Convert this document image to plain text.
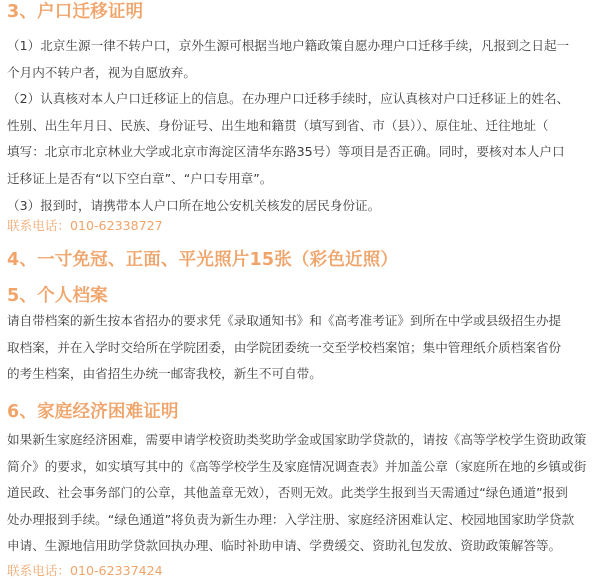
3、户口迁移证明

（1）北京生源一律不转户口，京外生源可根据当地户籍政策自愿办理户口迁移手续，凡报到之日起一

个月内不转户者，视为自愿放弃。

（2）认真核对本人户口迁移证上的信息。在办理户口迁移手续时，应认真核对户口迁移证上的姓名、

性别、出生年月日、民族、身份证号、出生地和籍贯（填写到省、市（县））、原住址、迁往地址（

填写：北京市北京林业大学或北京市海淀区清华东路35号）等项目是否正确。同时，要核对本人户口

迁移证上是否有“以下空白章”、“户口专用章”。

（3）报到时，请携带本人户口所在地公安机关核发的居民身份证。

联系电话：010-62338727
4、一寸免冠、正面、平光照片15张（彩色近照）
5、个人档案

请自带档案的新生按本省招办的要求凭《录取通知书》和《高考准考证》到所在中学或县级招生办提

取档案，并在入学时交给所在学院团委，由学院团委统一交至学校档案馆；集中管理纸介质档案省份

的考生档案，由省招生办统一邮寄我校，新生不可自带。

6、家庭经济困难证明

如果新生家庭经济困难，需要申请学校资助类奖助学金或国家助学贷款的，请按《高等学校学生资助政策

简介》的要求，如实填写其中的《高等学校学生及家庭情况调查表》并加盖公章（家庭所在地的乡镇或街

道民政、社会事务部门的公章，其他盖章无效），否则无效。此类学生报到当天需通过“绿色通道”报到

处办理报到手续。“绿色通道”将负责为新生办理：入学注册、家庭经济困难认定、校园地国家助学贷款

申请、生源地信用助学贷款回执办理、临时补助申请、学费缓交、资助礼包发放、资助政策解答等。

联系电话：010-62337424
